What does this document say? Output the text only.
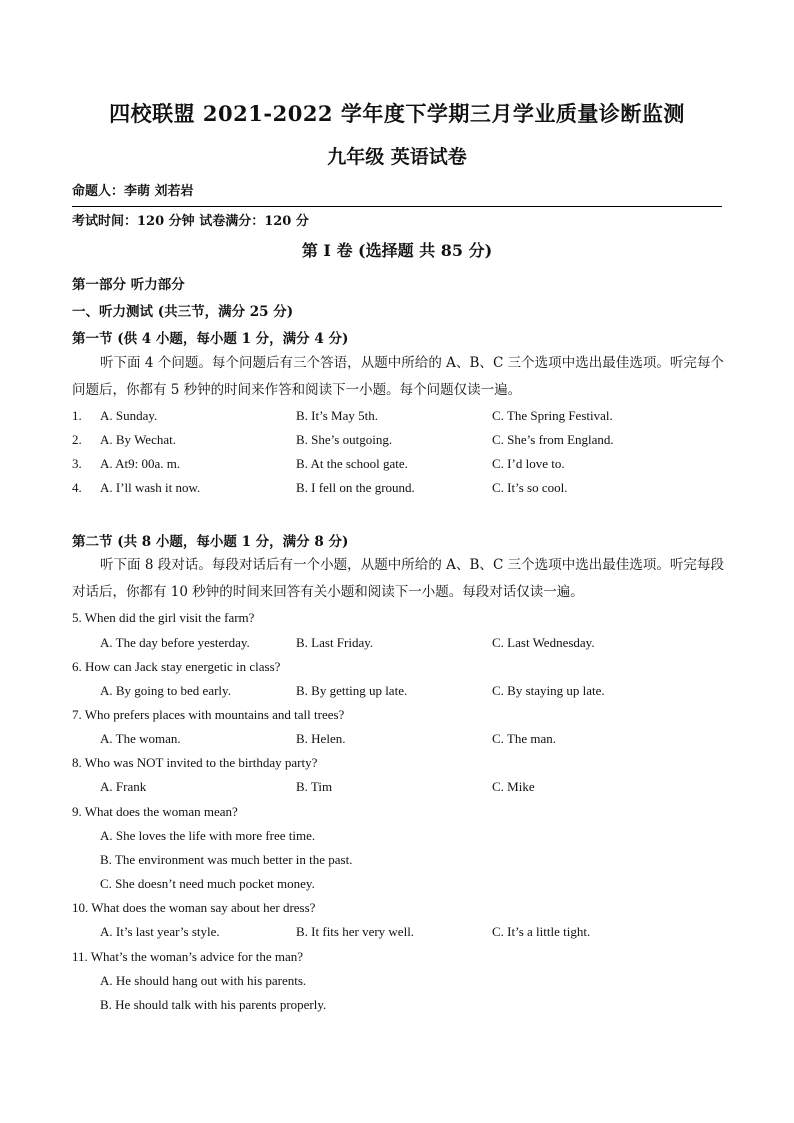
四校联盟 2021-2022 学年度下学期三月学业质量诊断监测
九年级 英语试卷
命题人：李萌 刘若岩
考试时间：120 分钟 试卷满分：120 分
第 I 卷 (选择题 共 85 分)
第一部分 听力部分
一、听力测试 (共三节，满分 25 分)
第一节 (供 4 小题，每小题 1 分，满分 4 分)

听下面 4 个问题。每个问题后有三个答语，从题中所给的 A、B、C 三个选项中选出最佳选项。听完每个问题后，你都有 5 秒钟的时间来作答和阅读下一小题。每个问题仅读一遍。

1. A. Sunday.	B. It’s May 5th.	C. The Spring Festival.
2. A. By Wechat.	B. She’s outgoing.	C. She’s from England.
3. A. At9: 00a. m.	B. At the school gate.	C. I’d love to.
4. A. I’ll wash it now.	B. I fell on the ground.	C. It’s so cool.
第二节 (共 8 小题，每小题 1 分，满分 8 分)

听下面 8 段对话。每段对话后有一个小题，从题中所给的 A、B、C 三个选项中选出最佳选项。听完每段对话后，你都有 10 秒钟的时间来回答有关小题和阅读下一小题。每段对话仅读一遍。

5. When did the girl visit the farm?
A. The day before yesterday.	B. Last Friday.	C. Last Wednesday.
6. How can Jack stay energetic in class?
A. By going to bed early.	B. By getting up late.	C. By staying up late.
7. Who prefers places with mountains and tall trees?
A. The woman.	B. Helen.	C. The man.
8. Who was NOT invited to the birthday party?
A. Frank	B. Tim	C. Mike
9. What does the woman mean?
A. She loves the life with more free time.
B. The environment was much better in the past.
C. She doesn’t need much pocket money.
10. What does the woman say about her dress?
A. It’s last year’s style.	B. It fits her very well.	C. It’s a little tight.
11. What’s the woman’s advice for the man?
A. He should hang out with his parents.
B. He should talk with his parents properly.
